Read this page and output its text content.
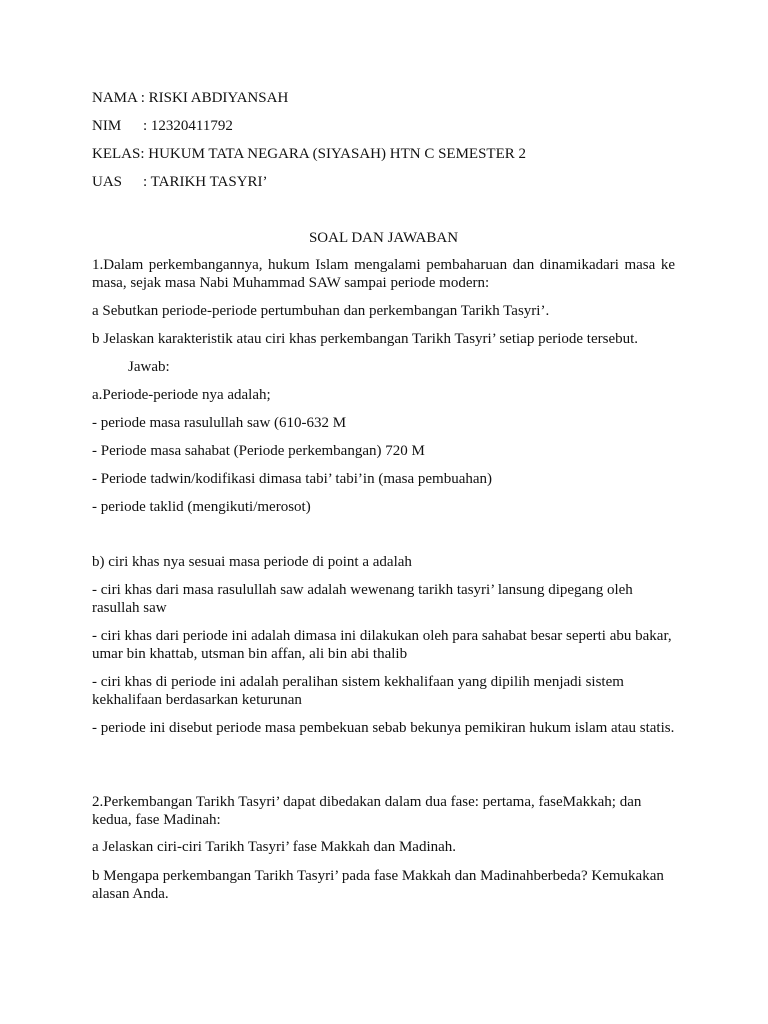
NAMA : RISKI ABDIYANSAH
NIM : 12320411792
KELAS: HUKUM TATA NEGARA (SIYASAH) HTN C SEMESTER 2
UAS : TARIKH TASYRI’
SOAL DAN JAWABAN
1.Dalam perkembangannya, hukum Islam mengalami pembaharuan dan dinamikadari masa ke masa, sejak masa Nabi Muhammad SAW sampai periode modern:
a Sebutkan periode-periode pertumbuhan dan perkembangan Tarikh Tasyri’.
b Jelaskan karakteristik atau ciri khas perkembangan Tarikh Tasyri’ setiap periode tersebut.
Jawab:
a.Periode-periode nya adalah;
- periode masa rasulullah saw (610-632 M
- Periode masa sahabat (Periode perkembangan) 720 M
- Periode tadwin/kodifikasi dimasa tabi’ tabi’in (masa pembuahan)
- periode taklid (mengikuti/merosot)
b) ciri khas nya sesuai masa periode di point a adalah
- ciri khas dari masa rasulullah saw adalah wewenang tarikh tasyri’ lansung dipegang oleh rasullah saw
- ciri khas dari periode ini adalah dimasa ini dilakukan oleh para sahabat besar seperti abu bakar, umar bin khattab, utsman bin affan, ali bin abi thalib
- ciri khas di periode ini adalah peralihan sistem kekhalifaan yang dipilih menjadi sistem kekhalifaan berdasarkan keturunan
- periode ini disebut periode masa pembekuan sebab bekunya pemikiran hukum islam atau statis.
2.Perkembangan Tarikh Tasyri’ dapat dibedakan dalam dua fase: pertama, faseMakkah; dan kedua, fase Madinah:
a Jelaskan ciri-ciri Tarikh Tasyri’ fase Makkah dan Madinah.
b Mengapa perkembangan Tarikh Tasyri’ pada fase Makkah dan Madinahberbeda? Kemukakan alasan Anda.
